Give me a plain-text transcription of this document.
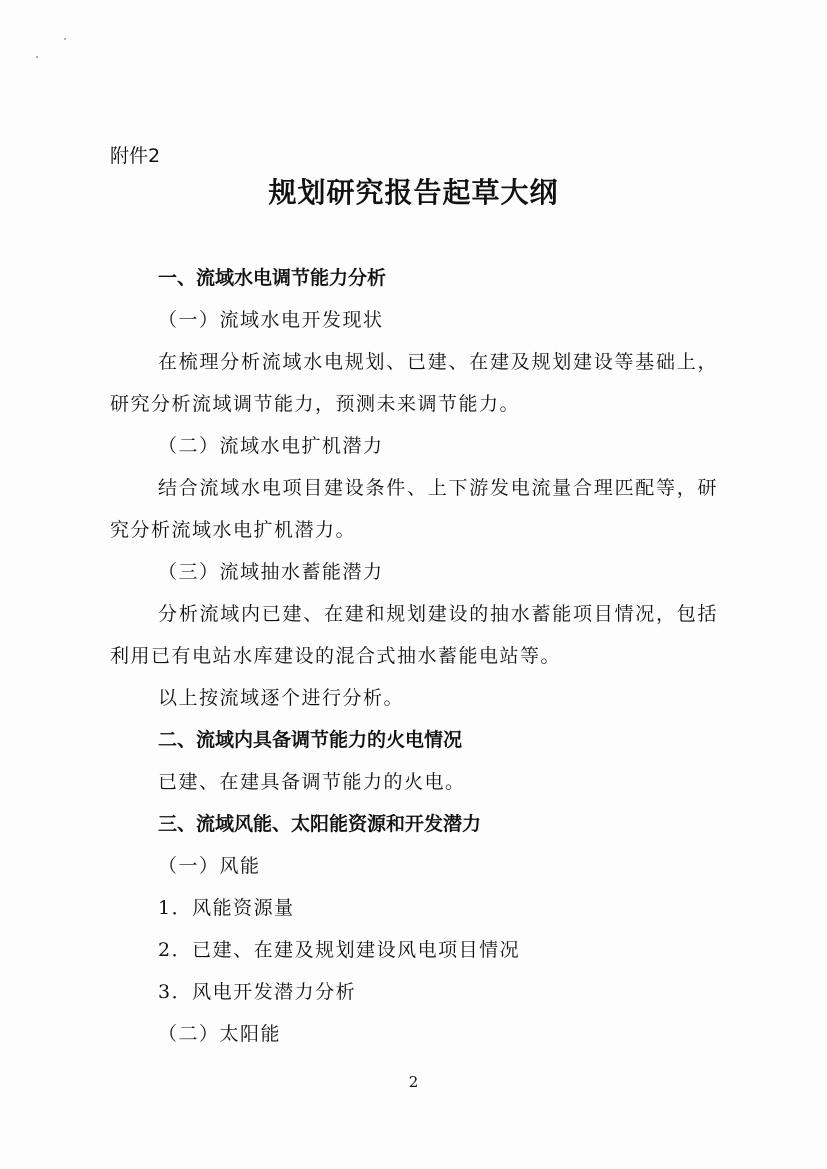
附件2
规划研究报告起草大纲
一、流域水电调节能力分析
（一）流域水电开发现状
在梳理分析流域水电规划、已建、在建及规划建设等基础上，
研究分析流域调节能力，预测未来调节能力。
（二）流域水电扩机潜力
结合流域水电项目建设条件、上下游发电流量合理匹配等，研
究分析流域水电扩机潜力。
（三）流域抽水蓄能潜力
分析流域内已建、在建和规划建设的抽水蓄能项目情况，包括
利用已有电站水库建设的混合式抽水蓄能电站等。
以上按流域逐个进行分析。
二、流域内具备调节能力的火电情况
已建、在建具备调节能力的火电。
三、流域风能、太阳能资源和开发潜力
（一）风能
1．风能资源量
2．已建、在建及规划建设风电项目情况
3．风电开发潜力分析
（二）太阳能
2
